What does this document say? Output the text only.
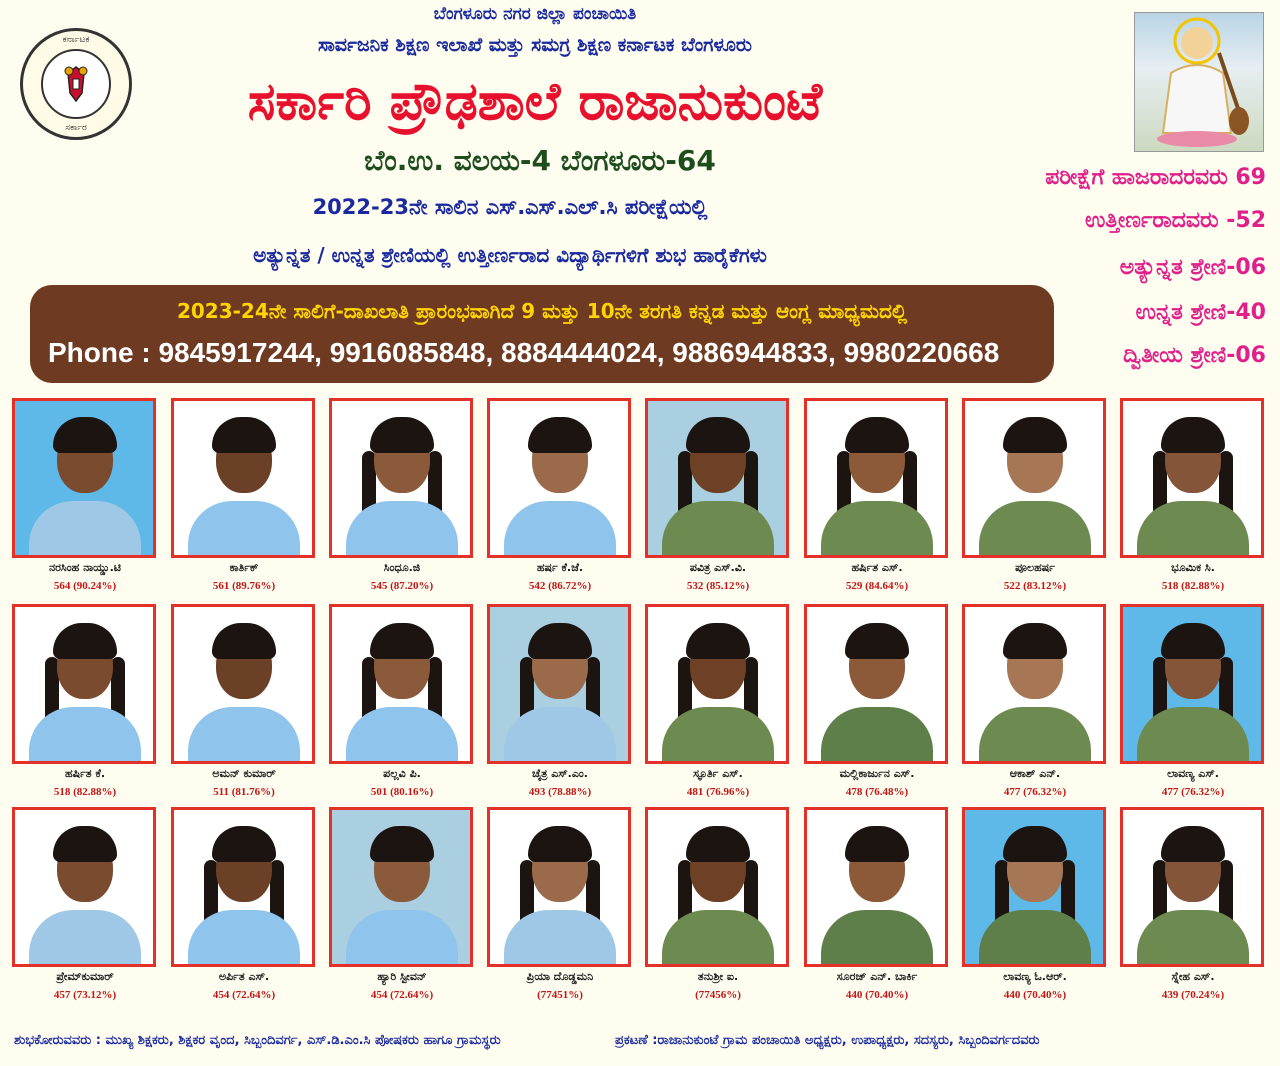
ಕರ್ನಾಟಕ
ಸರ್ಕಾರ
ಬೆಂಗಳೂರು ನಗರ ಜಿಲ್ಲಾ ಪಂಚಾಯಿತಿ
ಸಾರ್ವಜನಿಕ ಶಿಕ್ಷಣ ಇಲಾಖೆ ಮತ್ತು ಸಮಗ್ರ ಶಿಕ್ಷಣ ಕರ್ನಾಟಕ ಬೆಂಗಳೂರು
ಸರ್ಕಾರಿ ಪ್ರೌಢಶಾಲೆ ರಾಜಾನುಕುಂಟೆ
ಬೆಂ.ಉ. ವಲಯ-4 ಬೆಂಗಳೂರು-64
2022-23ನೇ ಸಾಲಿನ ಎಸ್.ಎಸ್.ಎಲ್.ಸಿ ಪರೀಕ್ಷೆಯಲ್ಲಿ
ಅತ್ಯುನ್ನತ / ಉನ್ನತ ಶ್ರೇಣಿಯಲ್ಲಿ ಉತ್ತೀರ್ಣರಾದ ವಿದ್ಯಾರ್ಥಿಗಳಿಗೆ ಶುಭ ಹಾರೈಕೆಗಳು
ಪರೀಕ್ಷೆಗೆ ಹಾಜರಾದರವರು 69
ಉತ್ತೀರ್ಣರಾದವರು -52
ಅತ್ಯುನ್ನತ ಶ್ರೇಣಿ-06
ಉನ್ನತ ಶ್ರೇಣಿ-40
ದ್ವಿತೀಯ ಶ್ರೇಣಿ-06
2023-24ನೇ ಸಾಲಿಗೆ-ದಾಖಲಾತಿ ಪ್ರಾರಂಭವಾಗಿದೆ 9 ಮತ್ತು 10ನೇ ತರಗತಿ ಕನ್ನಡ ಮತ್ತು ಆಂಗ್ಲ ಮಾಧ್ಯಮದಲ್ಲಿ
Phone : 9845917244, 9916085848, 8884444024, 9886944833, 9980220668
ನರಸಿಂಹ ನಾಯ್ಡು.ಟಿ
564 (90.24%)
ಕಾರ್ತಿಕ್
561 (89.76%)
ಸಿಂಧೂ.ಜಿ
545 (87.20%)
ಹರ್ಷ ಕೆ.ಜೆ.
542 (86.72%)
ಪವಿತ್ರ ಎಸ್.ವಿ.
532 (85.12%)
ಹರ್ಷಿತ ಎಸ್.
529 (84.64%)
ಪೂಲಹರ್ಷ
522 (83.12%)
ಭೂಮಿಕ ಸಿ.
518 (82.88%)
ಹರ್ಷಿತ ಕೆ.
518 (82.88%)
ಅಮನ್ ಕುಮಾರ್
511 (81.76%)
ಪಲ್ಲವಿ ಪಿ.
501 (80.16%)
ಚೈತ್ರ ಎಸ್.ಎಂ.
493 (78.88%)
ಸ್ಫೂರ್ತಿ ಎಸ್.
481 (76.96%)
ಮಲ್ಲಿಕಾರ್ಜುನ ಎಸ್.
478 (76.48%)
ಆಕಾಶ್ ಎನ್.
477 (76.32%)
ಲಾವಣ್ಯ ಎಸ್.
477 (76.32%)
ಪ್ರೇಮ್‌ಕುಮಾರ್
457 (73.12%)
ಅರ್ಪಿತ ಎಸ್.
454 (72.64%)
ಹ್ಯಾರಿ ಸ್ಟೀವನ್
454 (72.64%)
ಪ್ರಿಯಾ ದೊಡ್ಡಮನಿ
(77451%)
ತನುಶ್ರೀ ಐ.
(77456%)
ಸೂರಜ್ ಎನ್. ಬಾರ್ಕಿ
440 (70.40%)
ಲಾವಣ್ಯ ಓ.ಆರ್.
440 (70.40%)
ಸ್ನೇಹ ಎಸ್.
439 (70.24%)
ಶುಭಕೋರುವವರು : ಮುಖ್ಯ ಶಿಕ್ಷಕರು, ಶಿಕ್ಷಕರ ವೃಂದ, ಸಿಬ್ಬಂದಿವರ್ಗ, ಎಸ್.ಡಿ.ಎಂ.ಸಿ ಪೋಷಕರು ಹಾಗೂ ಗ್ರಾಮಸ್ಥರು	ಪ್ರಕಟಣೆ :ರಾಜಾನುಕುಂಟೆ ಗ್ರಾಮ ಪಂಚಾಯಿತಿ ಅಧ್ಯಕ್ಷರು, ಉಪಾಧ್ಯಕ್ಷರು, ಸದಸ್ಯರು, ಸಿಬ್ಬಂದಿವರ್ಗದವರು
